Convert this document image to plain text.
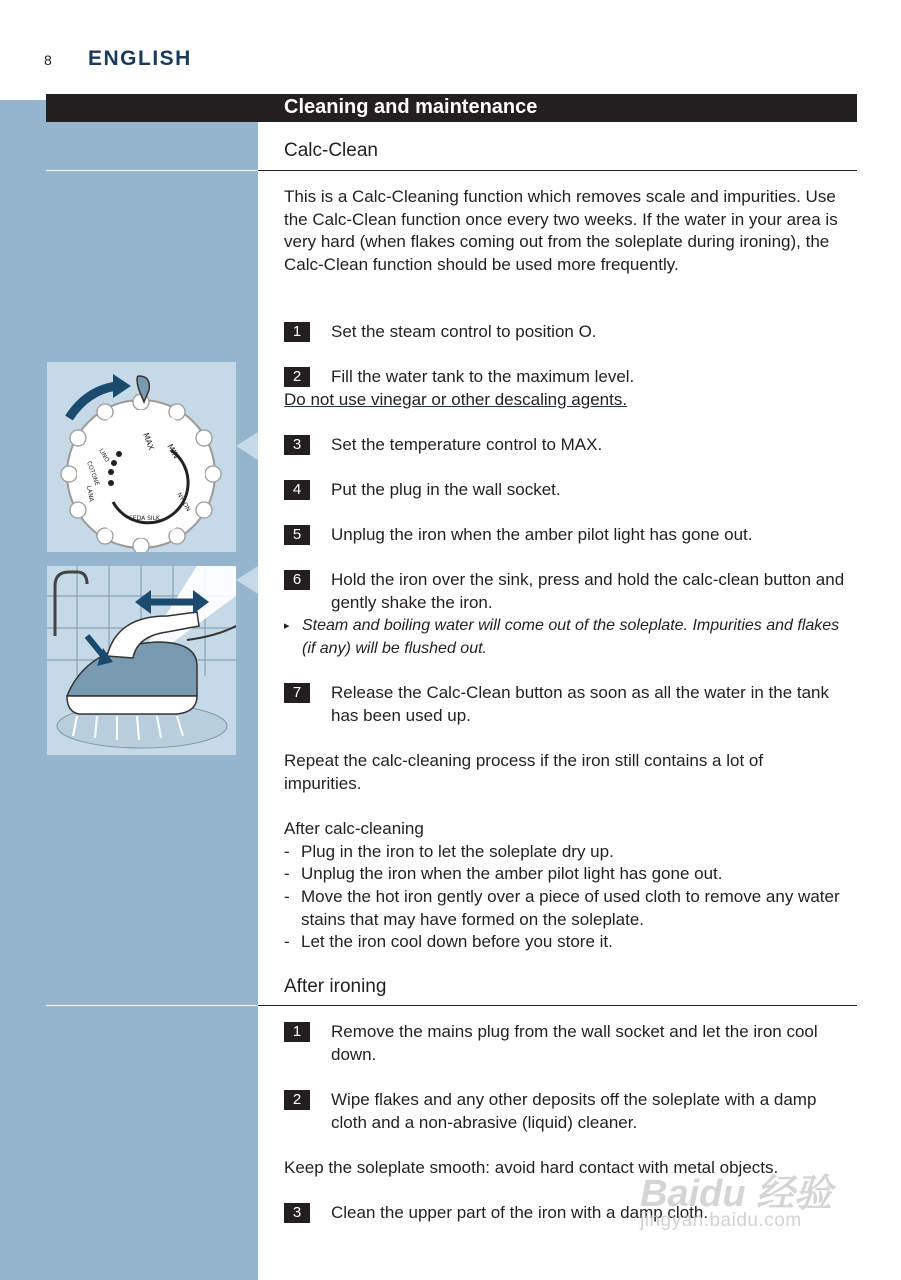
8 ENGLISH
Cleaning and maintenance
Calc-Clean
This is a Calc-Cleaning function which removes scale and impurities. Use the Calc-Clean function once every two weeks. If the water in your area is very hard (when flakes coming out from the soleplate during ironing), the Calc-Clean function should be used more frequently.
1	Set the steam control to position O.
2	Fill the water tank to the maximum level.
Do not use vinegar or other descaling agents.
3	Set the temperature control to MAX.
4	Put the plug in the wall socket.
5	Unplug the iron when the amber pilot light has gone out.
6	Hold the iron over the sink, press and hold the calc-clean button and gently shake the iron.
▸ Steam and boiling water will come out of the soleplate. Impurities and flakes (if any) will be flushed out.
7	Release the Calc-Clean button as soon as all the water in the tank has been used up.
Repeat the calc-cleaning process if the iron still contains a lot of impurities.
After calc-cleaning
- Plug in the iron to let the soleplate dry up.
- Unplug the iron when the amber pilot light has gone out.
- Move the hot iron gently over a piece of used cloth to remove any water stains that may have formed on the soleplate.
- Let the iron cool down before you store it.
After ironing
1	Remove the mains plug from the wall socket and let the iron cool down.
2	Wipe flakes and any other deposits off the soleplate with a damp cloth and a non-abrasive (liquid) cleaner.
Keep the soleplate smooth: avoid hard contact with metal objects.
3	Clean the upper part of the iron with a damp cloth.
MAX MIN
SEDA SILK
NYLON
LINO
COTONE
LANA
Baidu 经验
jingyan.baidu.com
